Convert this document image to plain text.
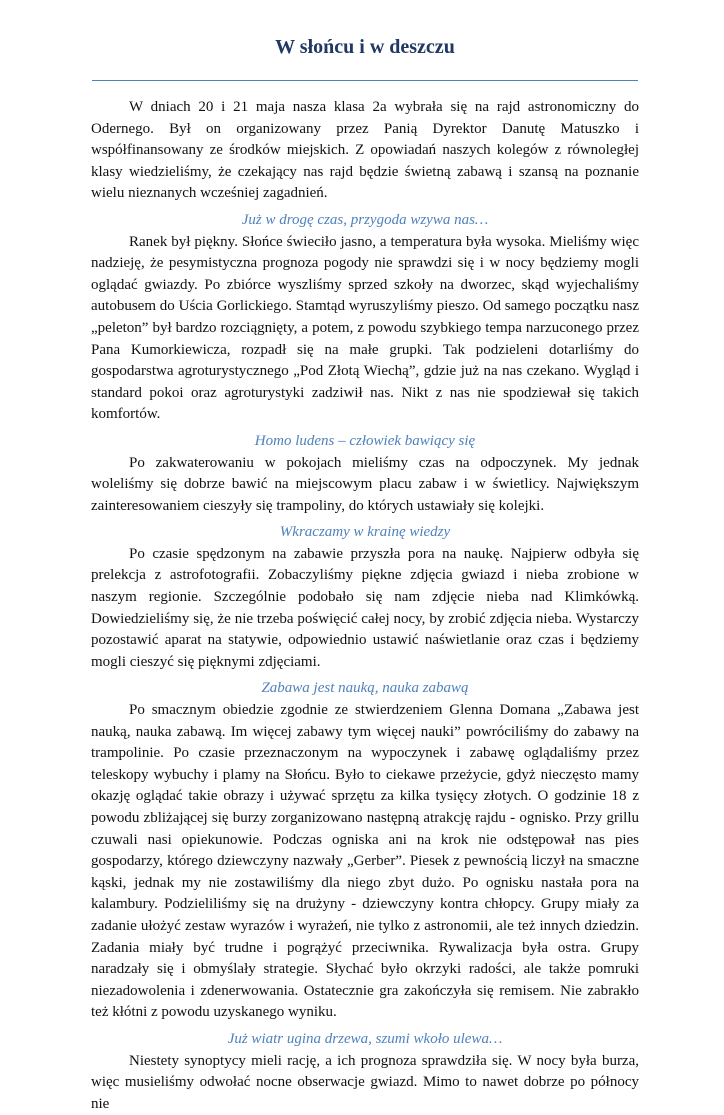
W słońcu i w deszczu

W dniach 20 i 21 maja nasza klasa 2a wybrała się na rajd astronomiczny do Odernego. Był on organizowany przez Panią Dyrektor Danutę Matuszko i współfinansowany ze środków miejskich. Z opowiadań naszych kolegów z równoległej klasy wiedzieliśmy, że czekający nas rajd będzie świetną zabawą i szansą na poznanie wielu nieznanych wcześniej zagadnień.

Już w drogę czas, przygoda wzywa nas…

Ranek był piękny. Słońce świeciło jasno, a temperatura była wysoka. Mieliśmy więc nadzieję, że pesymistyczna prognoza pogody nie sprawdzi się i w nocy będziemy mogli oglądać gwiazdy. Po zbiórce wyszliśmy sprzed szkoły na dworzec, skąd wyjechaliśmy autobusem do Uścia Gorlickiego. Stamtąd wyruszyliśmy pieszo. Od samego początku nasz „peleton” był bardzo rozciągnięty, a potem, z powodu szybkiego tempa narzuconego przez Pana Kumorkiewicza, rozpadł się na małe grupki. Tak podzieleni dotarliśmy do gospodarstwa agroturystycznego „Pod Złotą Wiechą”, gdzie już na nas czekano. Wygląd i standard pokoi oraz agroturystyki zadziwił nas. Nikt z nas nie spodziewał się takich komfortów.

Homo ludens – człowiek bawiący się

Po zakwaterowaniu w pokojach mieliśmy czas na odpoczynek. My jednak woleliśmy się dobrze bawić na miejscowym placu zabaw i w świetlicy. Największym zainteresowaniem cieszyły się trampoliny, do których ustawiały się kolejki.

Wkraczamy w krainę wiedzy

Po czasie spędzonym na zabawie przyszła pora na naukę. Najpierw odbyła się prelekcja z astrofotografii. Zobaczyliśmy piękne zdjęcia gwiazd i nieba zrobione w naszym regionie. Szczególnie podobało się nam zdjęcie nieba nad Klimkówką. Dowiedzieliśmy się, że nie trzeba poświęcić całej nocy, by zrobić zdjęcia nieba. Wystarczy pozostawić aparat na statywie, odpowiednio ustawić naświetlanie oraz czas i będziemy mogli cieszyć się pięknymi zdjęciami.

Zabawa jest nauką, nauka zabawą

Po smacznym obiedzie zgodnie ze stwierdzeniem Glenna Domana „Zabawa jest nauką, nauka zabawą. Im więcej zabawy tym więcej nauki” powróciliśmy do zabawy na trampolinie. Po czasie przeznaczonym na wypoczynek i zabawę oglądaliśmy przez teleskopy wybuchy i plamy na Słońcu. Było to ciekawe przeżycie, gdyż nieczęsto mamy okazję oglądać takie obrazy i używać sprzętu za kilka tysięcy złotych. O godzinie 18 z powodu zbliżającej się burzy zorganizowano następną atrakcję rajdu - ognisko. Przy grillu czuwali nasi opiekunowie. Podczas ogniska ani na krok nie odstępował nas pies gospodarzy, którego dziewczyny nazwały „Gerber”. Piesek z pewnością liczył na smaczne kąski, jednak my nie zostawiliśmy dla niego zbyt dużo. Po ognisku nastała pora na kalambury. Podzieliliśmy się na drużyny - dziewczyny kontra chłopcy. Grupy miały za zadanie ułożyć zestaw wyrazów i wyrażeń, nie tylko z astronomii, ale też innych dziedzin. Zadania miały być trudne i pogrążyć przeciwnika. Rywalizacja była ostra. Grupy naradzały się i obmyślały strategie. Słychać było okrzyki radości, ale także pomruki niezadowolenia i zdenerwowania. Ostatecznie gra zakończyła się remisem. Nie zabrakło też kłótni z powodu uzyskanego wyniku.

Już wiatr ugina drzewa, szumi wkoło ulewa…

Niestety synoptycy mieli rację, a ich prognoza sprawdziła się. W nocy była burza, więc musieliśmy odwołać nocne obserwacje gwiazd. Mimo to nawet dobrze po północy nie
